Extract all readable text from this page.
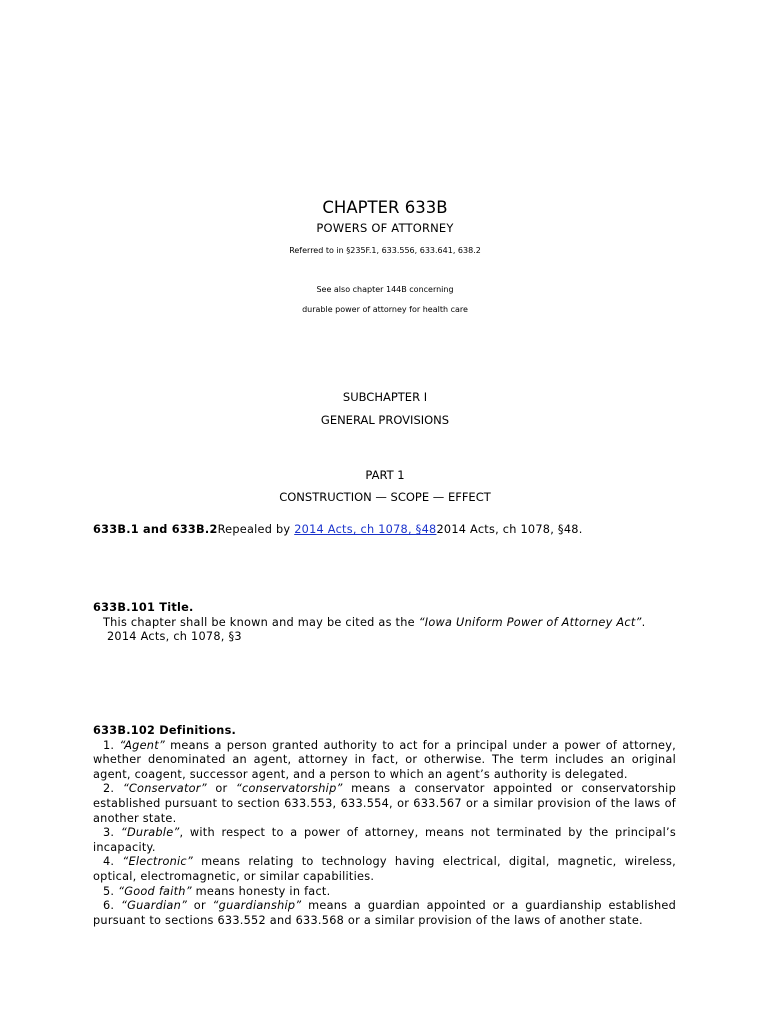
CHAPTER 633B
POWERS OF ATTORNEY
Referred to in §235F.1, 633.556, 633.641, 638.2
See also chapter 144B concerning
durable power of attorney for health care
SUBCHAPTER I
GENERAL PROVISIONS
PART 1
CONSTRUCTION — SCOPE — EFFECT
633B.1 and 633B.2Repealed by 2014 Acts, ch 1078, §482014 Acts, ch 1078, §48.
633B.101 Title.

This chapter shall be known and may be cited as the “Iowa Uniform Power of Attorney Act”.

2014 Acts, ch 1078, §3

633B.102 Definitions.

1. “Agent” means a person granted authority to act for a principal under a power of attorney, whether denominated an agent, attorney in fact, or otherwise. The term includes an original agent, coagent, successor agent, and a person to which an agent’s authority is delegated.

2. “Conservator” or “conservatorship” means a conservator appointed or conservatorship established pursuant to section 633.553, 633.554, or 633.567 or a similar provision of the laws of another state.

3. “Durable”, with respect to a power of attorney, means not terminated by the principal’s incapacity.

4. “Electronic” means relating to technology having electrical, digital, magnetic, wireless, optical, electromagnetic, or similar capabilities.

5. “Good faith” means honesty in fact.

6. “Guardian” or “guardianship” means a guardian appointed or a guardianship established pursuant to sections 633.552 and 633.568 or a similar provision of the laws of another state.
